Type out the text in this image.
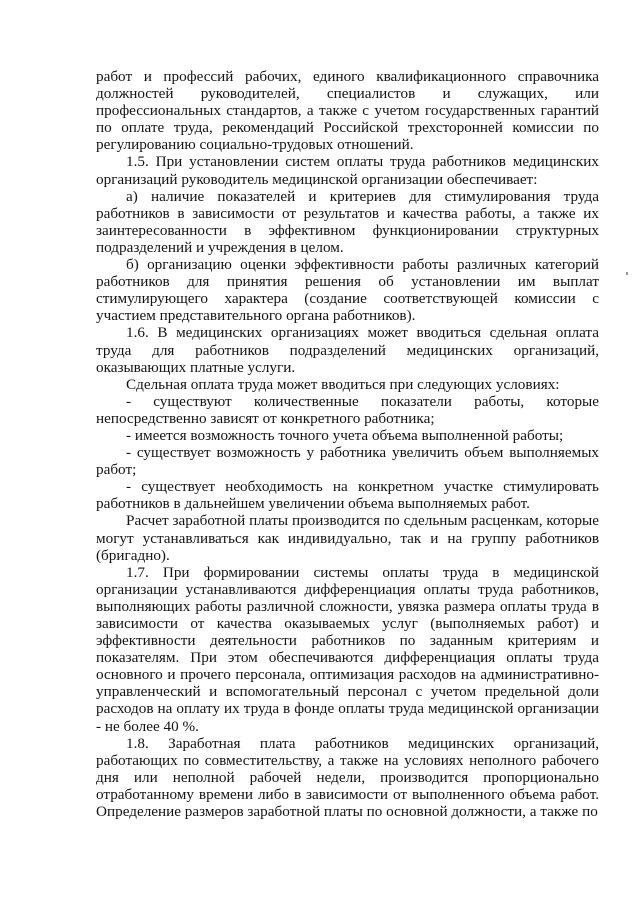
работ и профессий рабочих, единого квалификационного справочника должностей руководителей, специалистов и служащих, или профессиональных стандартов, а также с учетом государственных гарантий по оплате труда, рекомендаций Российской трехсторонней комиссии по регулированию социально-трудовых отношений.

1.5. При установлении систем оплаты труда работников медицинских организаций руководитель медицинской организации обеспечивает:

а) наличие показателей и критериев для стимулирования труда работников в зависимости от результатов и качества работы, а также их заинтересованности в эффективном функционировании структурных подразделений и учреждения в целом.

б) организацию оценки эффективности работы различных категорий работников для принятия решения об установлении им выплат стимулирующего характера (создание соответствующей комиссии с участием представительного органа работников).

1.6. В медицинских организациях может вводиться сдельная оплата труда для работников подразделений медицинских организаций, оказывающих платные услуги.

Сдельная оплата труда может вводиться при следующих условиях:

- существуют количественные показатели работы, которые непосредственно зависят от конкретного работника;

- имеется возможность точного учета объема выполненной работы;

- существует возможность у работника увеличить объем выполняемых работ;

- существует необходимость на конкретном участке стимулировать работников в дальнейшем увеличении объема выполняемых работ.

Расчет заработной платы производится по сдельным расценкам, которые могут устанавливаться как индивидуально, так и на группу работников (бригадно).

1.7. При формировании системы оплаты труда в медицинской организации устанавливаются дифференциация оплаты труда работников, выполняющих работы различной сложности, увязка размера оплаты труда в зависимости от качества оказываемых услуг (выполняемых работ) и эффективности деятельности работников по заданным критериям и показателям. При этом обеспечиваются дифференциация оплаты труда основного и прочего персонала, оптимизация расходов на административно-управленческий и вспомогательный персонал с учетом предельной доли расходов на оплату их труда в фонде оплаты труда медицинской организации - не более 40 %.

1.8. Заработная плата работников медицинских организаций, работающих по совместительству, а также на условиях неполного рабочего дня или неполной рабочей недели, производится пропорционально отработанному времени либо в зависимости от выполненного объема работ. Определение размеров заработной платы по основной должности, а также по
